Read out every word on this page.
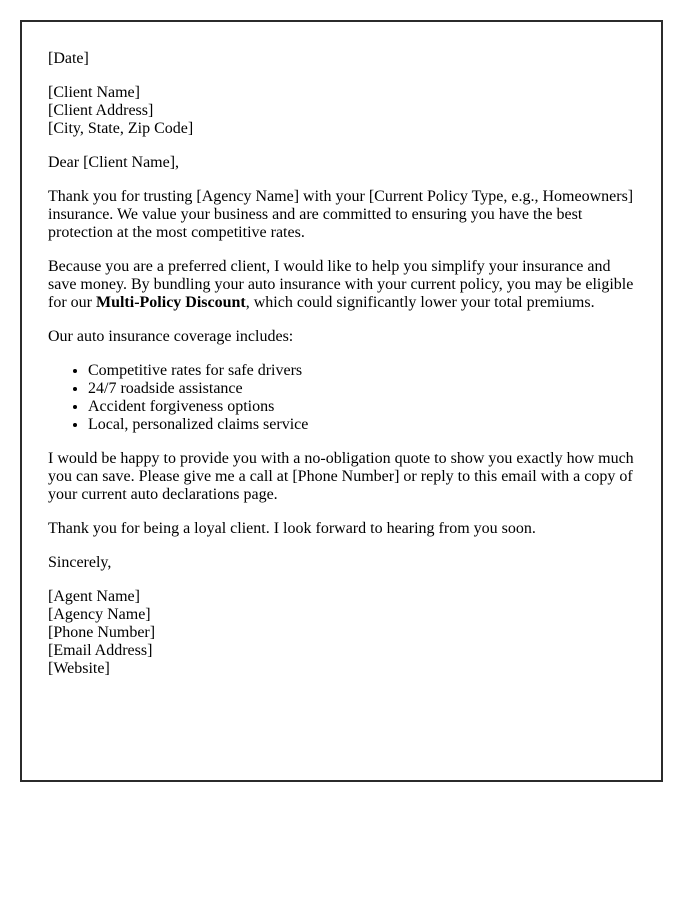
[Date]

[Client Name]
[Client Address]
[City, State, Zip Code]

Dear [Client Name],

Thank you for trusting [Agency Name] with your [Current Policy Type, e.g., Homeowners] insurance. We value your business and are committed to ensuring you have the best protection at the most competitive rates.

Because you are a preferred client, I would like to help you simplify your insurance and save money. By bundling your auto insurance with your current policy, you may be eligible for our Multi-Policy Discount, which could significantly lower your total premiums.

Our auto insurance coverage includes:

• Competitive rates for safe drivers
• 24/7 roadside assistance
• Accident forgiveness options
• Local, personalized claims service

I would be happy to provide you with a no-obligation quote to show you exactly how much you can save. Please give me a call at [Phone Number] or reply to this email with a copy of your current auto declarations page.

Thank you for being a loyal client. I look forward to hearing from you soon.

Sincerely,

[Agent Name]
[Agency Name]
[Phone Number]
[Email Address]
[Website]
